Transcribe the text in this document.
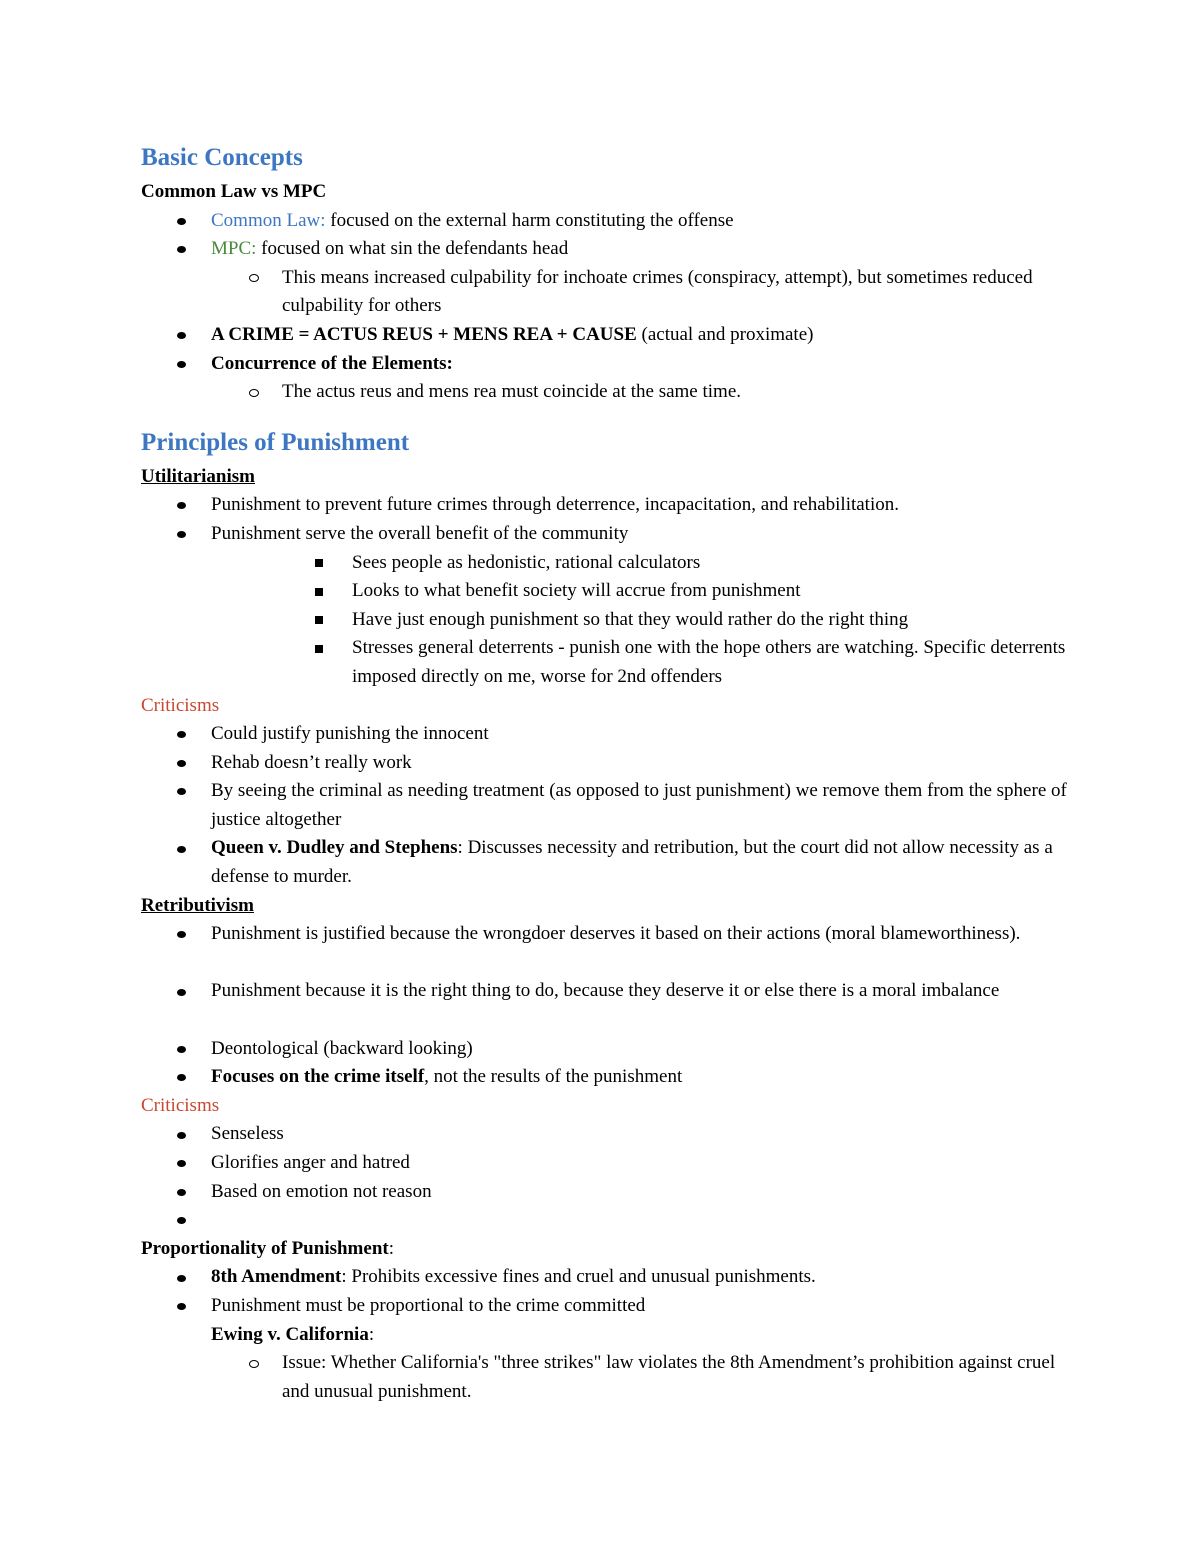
Basic Concepts
Common Law vs MPC
Common Law: focused on the external harm constituting the offense
MPC: focused on what sin the defendants head
This means increased culpability for inchoate crimes (conspiracy, attempt), but sometimes reduced culpability for others
A CRIME = ACTUS REUS + MENS REA + CAUSE (actual and proximate)
Concurrence of the Elements:
The actus reus and mens rea must coincide at the same time.
Principles of Punishment
Utilitarianism
Punishment to prevent future crimes through deterrence, incapacitation, and rehabilitation.
Punishment serve the overall benefit of the community
Sees people as hedonistic, rational calculators
Looks to what benefit society will accrue from punishment
Have just enough punishment so that they would rather do the right thing
Stresses general deterrents - punish one with the hope others are watching. Specific deterrents imposed directly on me, worse for 2nd offenders
Criticisms
Could justify punishing the innocent
Rehab doesn’t really work
By seeing the criminal as needing treatment (as opposed to just punishment) we remove them from the sphere of justice altogether
Queen v. Dudley and Stephens: Discusses necessity and retribution, but the court did not allow necessity as a defense to murder.
Retributivism
Punishment is justified because the wrongdoer deserves it based on their actions (moral blameworthiness).
Punishment because it is the right thing to do, because they deserve it or else there is a moral imbalance
Deontological (backward looking)
Focuses on the crime itself, not the results of the punishment
Criticisms
Senseless
Glorifies anger and hatred
Based on emotion not reason
Proportionality of Punishment:
8th Amendment: Prohibits excessive fines and cruel and unusual punishments.
Punishment must be proportional to the crime committed
Ewing v. California:
Issue: Whether California's "three strikes" law violates the 8th Amendment’s prohibition against cruel and unusual punishment.
